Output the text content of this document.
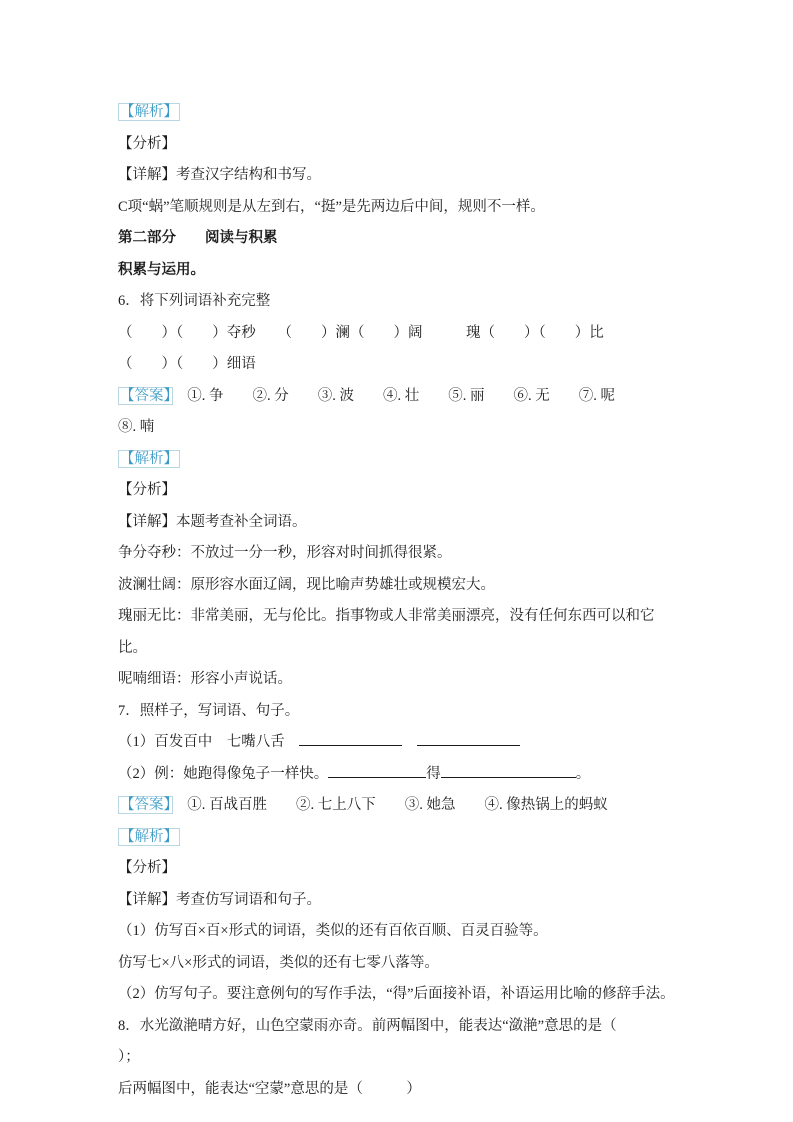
【解析】
【分析】
【详解】考查汉字结构和书写。
C项“蜗”笔顺规则是从左到右，“挺”是先两边后中间，规则不一样。
第二部分　　阅读与积累
积累与运用。
6．将下列词语补充完整
（　　）（　　）夺秒　　（　　）澜（　　）阔　　　瑰（　　）（　　）比
（　　）（　　）细语
【答案】　①. 争　　②. 分　　③. 波　　④. 壮　　⑤. 丽　　⑥. 无　　⑦. 呢
⑧. 喃
【解析】
【分析】
【详解】本题考查补全词语。
争分夺秒：不放过一分一秒，形容对时间抓得很紧。
波澜壮阔：原形容水面辽阔，现比喻声势雄壮或规模宏大。
瑰丽无比：非常美丽，无与伦比。指事物或人非常美丽漂亮，没有任何东西可以和它比。
呢喃细语：形容小声说话。
7．照样子，写词语、句子。
（1）百发百中　七嘴八舌　　
（2）例：她跑得像兔子一样快。	得	。
【答案】　①. 百战百胜　　②. 七上八下　　③. 她急　　④. 像热锅上的蚂蚁
【解析】
【分析】
【详解】考查仿写词语和句子。
（1）仿写百×百×形式的词语，类似的还有百依百顺、百灵百验等。
仿写七×八×形式的词语，类似的还有七零八落等。
（2）仿写句子。要注意例句的写作手法，“得”后面接补语，补语运用比喻的修辞手法。
8．水光潋滟晴方好，山色空蒙雨亦奇。前两幅图中，能表达“潋滟”意思的是（　　　）；
后两幅图中，能表达“空蒙”意思的是（　　　）
